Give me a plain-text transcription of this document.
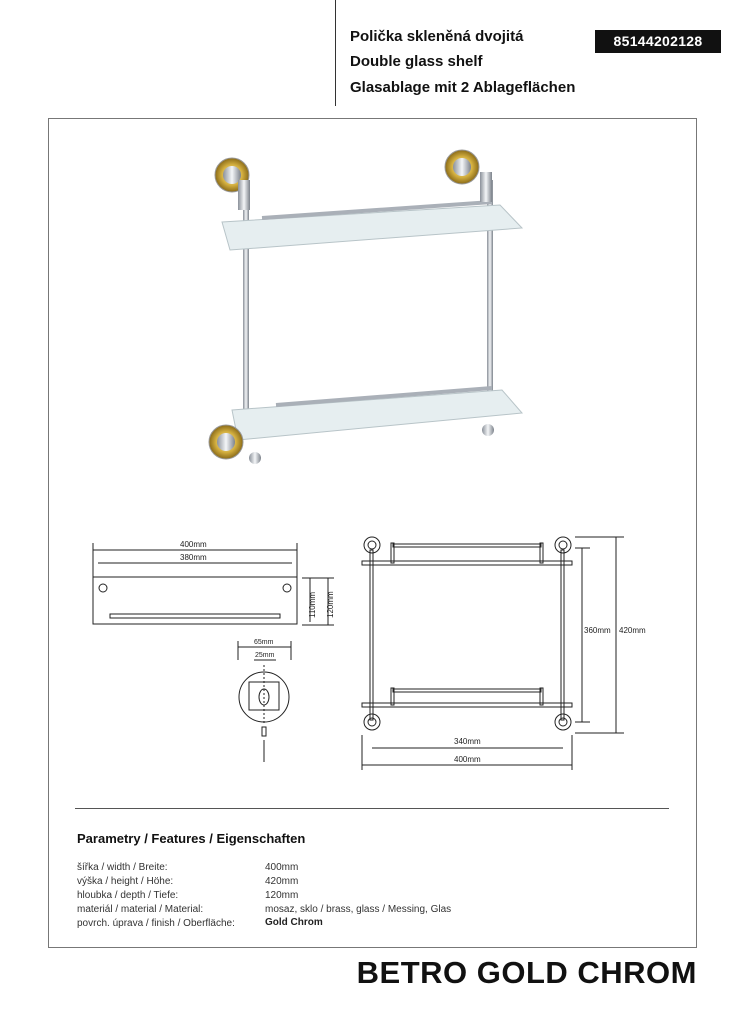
Polička skleněná dvojitá
Double glass shelf
Glasablage mit 2 Ablageflächen
85144202128
400mm
380mm
110mm 120mm
65mm
25mm
360mm 420mm
340mm
400mm
Parametry / Features / Eigenschaften
šířka / width / Breite:	400mm
výška / height / Höhe:	420mm
hloubka / depth / Tiefe:	120mm
materiál / material / Material:	mosaz, sklo / brass, glass / Messing, Glas
povrch. úprava / finish / Oberfläche:	Gold Chrom
BETRO GOLD CHROM
